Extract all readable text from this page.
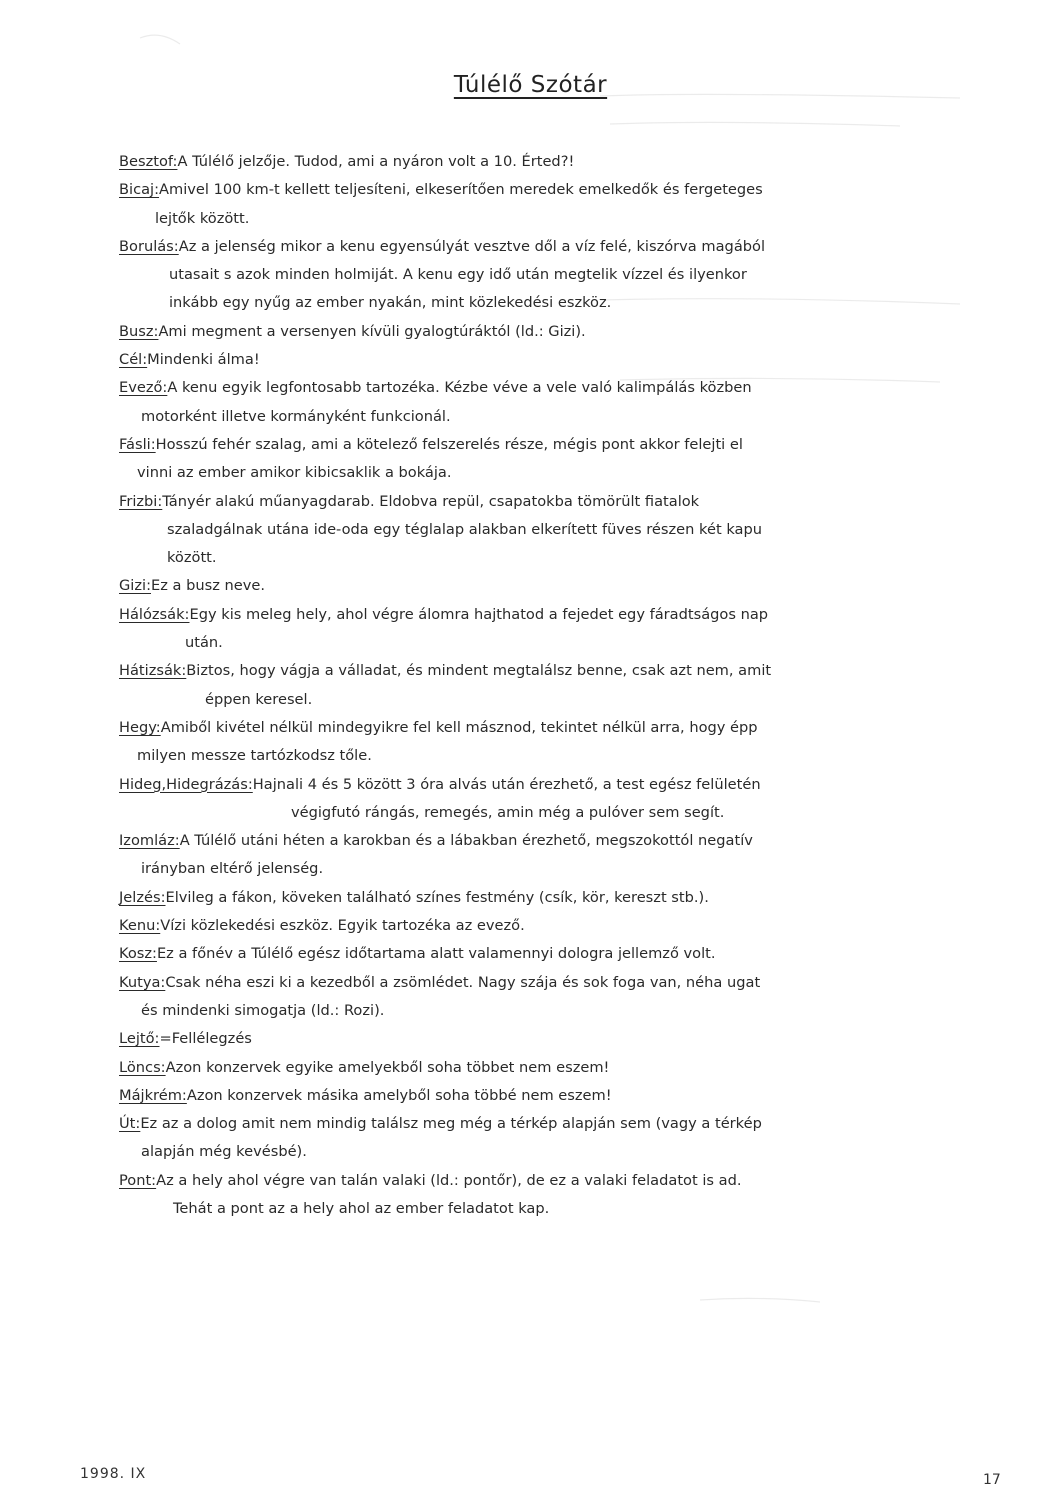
Túlélő Szótár

Besztof:A Túlélő jelzője. Tudod, ami a nyáron volt a 10. Érted?!

Bicaj:Amivel 100 km-t kellett teljesíteni, elkeserítően meredek emelkedők és fergeteges
lejtők között.

Borulás:Az a jelenség mikor a kenu egyensúlyát vesztve dől a víz felé, kiszórva magából
utasait s azok minden holmiját. A kenu egy idő után megtelik vízzel és ilyenkor
inkább egy nyűg az ember nyakán, mint közlekedési eszköz.

Busz:Ami megment a versenyen kívüli gyalogtúráktól (ld.: Gizi).

Cél:Mindenki álma!

Evező:A kenu egyik legfontosabb tartozéka. Kézbe véve a vele való kalimpálás közben
motorként illetve kormányként funkcionál.

Fásli:Hosszú fehér szalag, ami a kötelező felszerelés része, mégis pont akkor felejti el
vinni az ember amikor kibicsaklik a bokája.

Frizbi:Tányér alakú műanyagdarab. Eldobva repül, csapatokba tömörült fiatalok
szaladgálnak utána ide-oda egy téglalap alakban elkerített füves részen két kapu
között.

Gizi:Ez a busz neve.

Hálózsák:Egy kis meleg hely, ahol végre álomra hajthatod a fejedet egy fáradtságos nap
után.

Hátizsák:Biztos, hogy vágja a válladat, és mindent megtalálsz benne, csak azt nem, amit
éppen keresel.

Hegy:Amiből kivétel nélkül mindegyikre fel kell másznod, tekintet nélkül arra, hogy épp
milyen messze tartózkodsz tőle.

Hideg,Hidegrázás:Hajnali 4 és 5 között 3 óra alvás után érezhető, a test egész felületén
végigfutó rángás, remegés, amin még a pulóver sem segít.

Izomláz:A Túlélő utáni héten a karokban és a lábakban érezhető, megszokottól negatív
irányban eltérő jelenség.

Jelzés:Elvileg a fákon, köveken található színes festmény (csík, kör, kereszt stb.).

Kenu:Vízi közlekedési eszköz. Egyik tartozéka az evező.

Kosz:Ez a főnév a Túlélő egész időtartama alatt valamennyi dologra jellemző volt.

Kutya:Csak néha eszi ki a kezedből a zsömlédet. Nagy szája és sok foga van, néha ugat
és mindenki simogatja (ld.: Rozi).

Lejtő:=Fellélegzés

Löncs:Azon konzervek egyike amelyekből soha többet nem eszem!

Májkrém:Azon konzervek másika amelyből soha többé nem eszem!

Út:Ez az a dolog amit nem mindig találsz meg még a térkép alapján sem (vagy a térkép
alapján még kevésbé).

Pont:Az a hely ahol végre van talán valaki (ld.: pontőr), de ez a valaki feladatot is ad.
Tehát a pont az a hely ahol az ember feladatot kap.

1998. IX	17
